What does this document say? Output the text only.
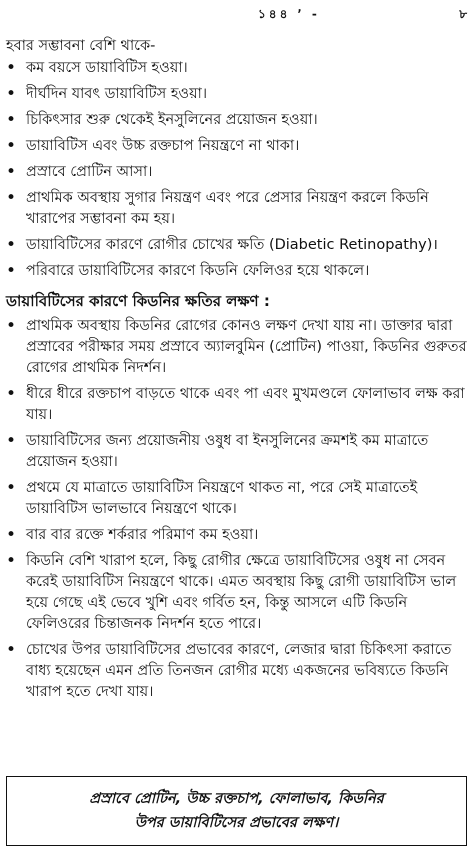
১৪৪ ՚ ‑	৮

হবার সম্ভাবনা বেশি থাকে-

• কম বয়সে ডায়াবিটিস হওয়া।
• দীর্ঘদিন যাবৎ ডায়াবিটিস হওয়া।
• চিকিৎসার শুরু থেকেই ইনসুলিনের প্রয়োজন হওয়া।
• ডায়াবিটিস এবং উচ্চ রক্তচাপ নিয়ন্ত্রণে না থাকা।
• প্রস্রাবে প্রোটিন আসা।
• প্রাথমিক অবস্থায় সুগার নিয়ন্ত্রণ এবং পরে প্রেসার নিয়ন্ত্রণ করলে কিডনি খারাপের সম্ভাবনা কম হয়।
• ডায়াবিটিসের কারণে রোগীর চোখের ক্ষতি (Diabetic Retinopathy)।
• পরিবারে ডায়াবিটিসের কারণে কিডনি ফেলিওর হয়ে থাকলে।
ডায়াবিটিসের কারণে কিডনির ক্ষতির লক্ষণ :
• প্রাথমিক অবস্থায় কিডনির রোগের কোনও লক্ষণ দেখা যায় না। ডাক্তার দ্বারা প্রস্রাবের পরীক্ষার সময় প্রস্রাবে অ্যালবুমিন (প্রোটিন) পাওয়া, কিডনির গুরুতর রোগের প্রাথমিক নিদর্শন।
• ধীরে ধীরে রক্তচাপ বাড়তে থাকে এবং পা এবং মুখমণ্ডলে ফোলাভাব লক্ষ করা যায়।
• ডায়াবিটিসের জন্য প্রয়োজনীয় ওষুধ বা ইনসুলিনের ক্রমশই কম মাত্রাতে প্রয়োজন হওয়া।
• প্রথমে যে মাত্রাতে ডায়াবিটিস নিয়ন্ত্রণে থাকত না, পরে সেই মাত্রাতেই ডায়াবিটিস ভালভাবে নিয়ন্ত্রণে থাকে।
• বার বার রক্তে শর্করার পরিমাণ কম হওয়া।
• কিডনি বেশি খারাপ হলে, কিছু রোগীর ক্ষেত্রে ডায়াবিটিসের ওষুধ না সেবন করেই ডায়াবিটিস নিয়ন্ত্রণে থাকে। এমত অবস্থায় কিছু রোগী ডায়াবিটিস ভাল হয়ে গেছে এই ভেবে খুশি এবং গর্বিত হন, কিন্তু আসলে এটি কিডনি ফেলিওরের চিন্তাজনক নিদর্শন হতে পারে।
• চোখের উপর ডায়াবিটিসের প্রভাবের কারণে, লেজার দ্বারা চিকিৎসা করাতে বাধ্য হয়েছেন এমন প্রতি তিনজন রোগীর মধ্যে একজনের ভবিষ্যতে কিডনি খারাপ হতে দেখা যায়।
প্রস্রাবে প্রোটিন, উচ্চ রক্তচাপ, ফোলাভাব, কিডনির
উপর ডায়াবিটিসের প্রভাবের লক্ষণ।
